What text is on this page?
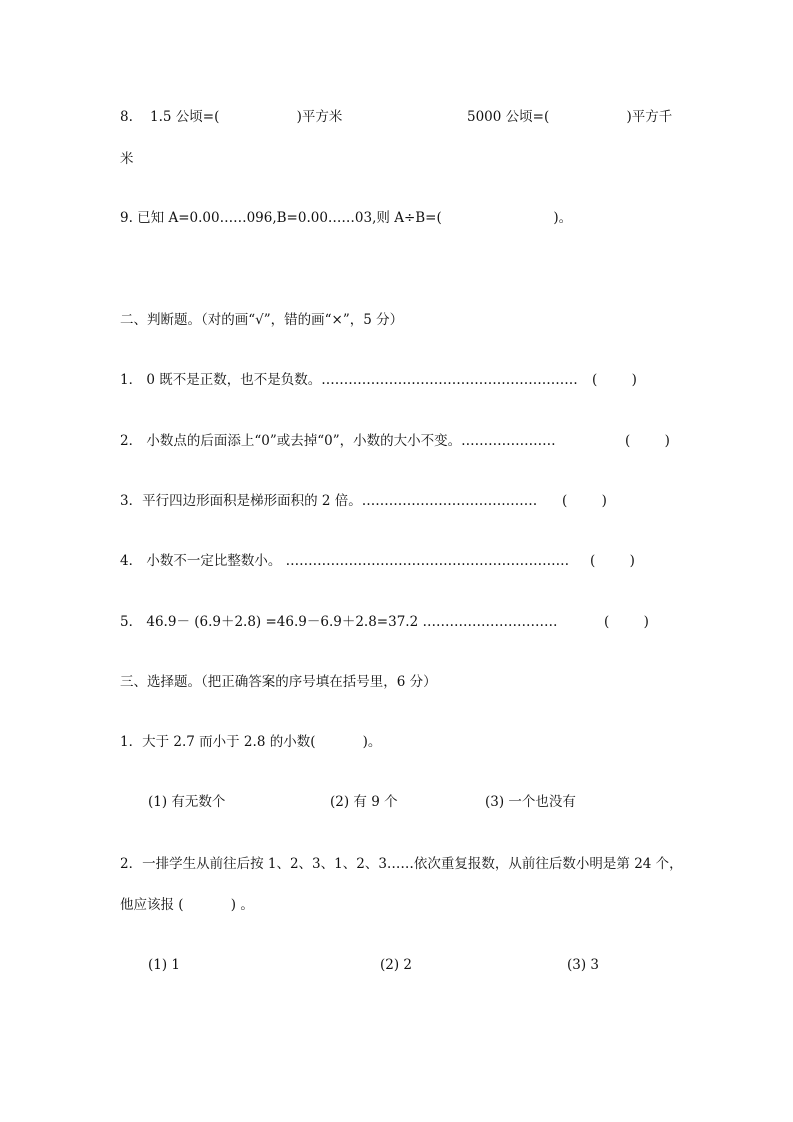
8.    1.5 公顷=(                  )平方米	5000 公顷=(                  )平方千
米
9. 已知 A=0.00……096,B=0.00……03,则 A÷B=(                          )。
二、判断题。（对的画“√”，错的画“×”，5 分）
1． 0 既不是正数，也不是负数。………………………………………………… (        )
2． 小数点的后面添上“0”或去掉“0”，小数的大小不变。…………………	(        )
3．平行四边形面积是梯形面积的 2 倍。………………………………… (        )
4． 小数不一定比整数小。 ……………………………………………………… (        )
5． 46.9－ (6.9＋2.8) =46.9－6.9＋2.8=37.2 …………………………	(        )
三、选择题。（把正确答案的序号填在括号里，6 分）
1．大于 2.7 而小于 2.8 的小数(           )。
(1) 有无数个	(2) 有 9 个	(3) 一个也没有
2．一排学生从前往后按 1、2、3、1、2、3……依次重复报数，从前往后数小明是第 24 个，
他应该报 (           ) 。
(1) 1	(2) 2	(3) 3
